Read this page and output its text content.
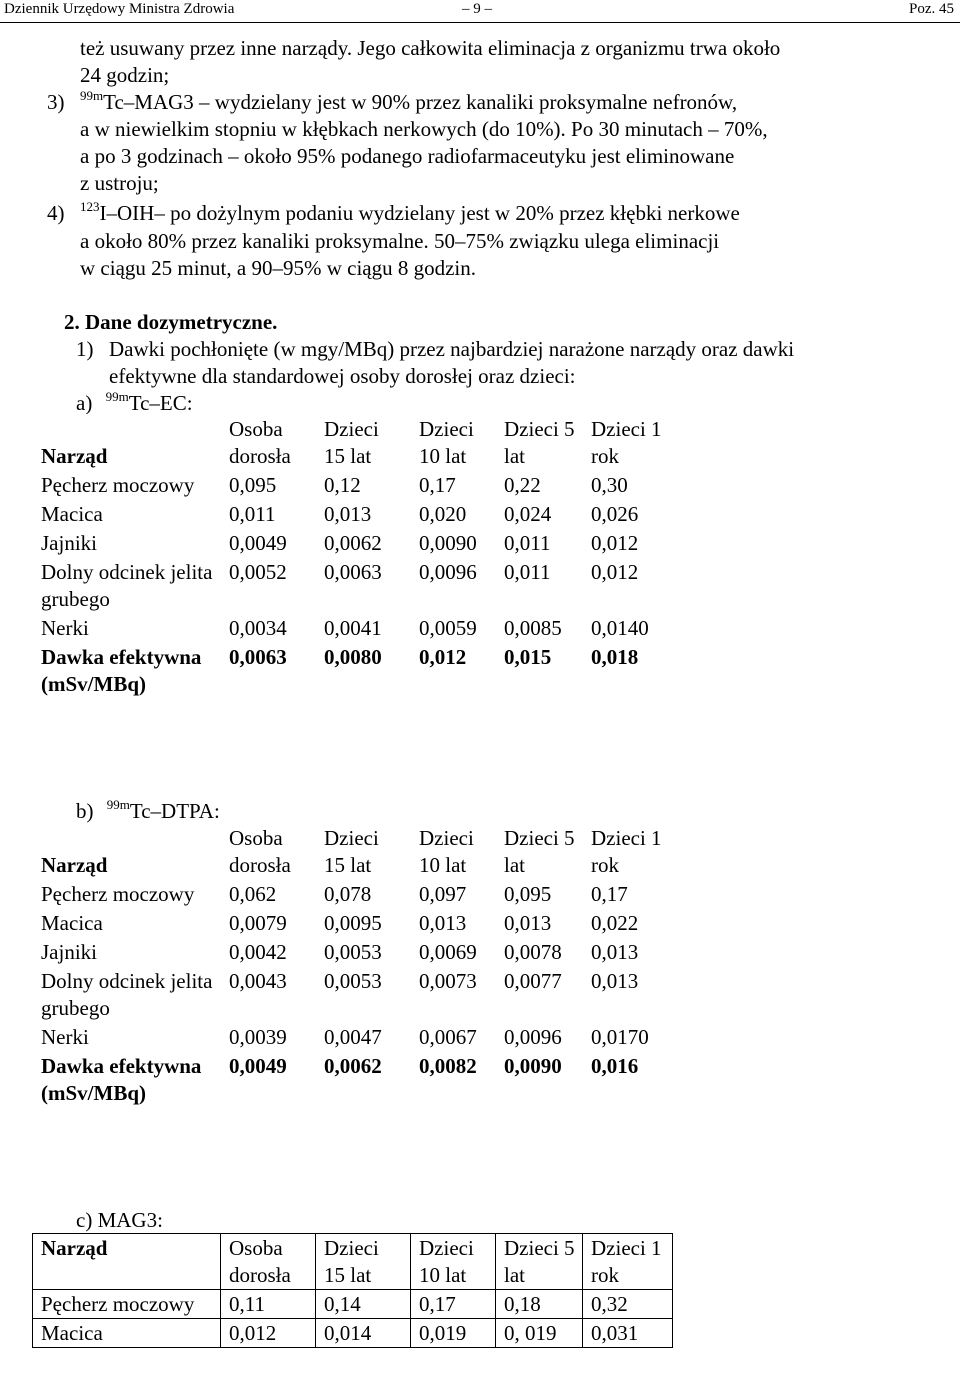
Dziennik Urzędowy Ministra Zdrowia	– 9 –	Poz. 45
też usuwany przez inne narządy. Jego całkowita eliminacja z organizmu trwa około
24 godzin;
3) $^{99m}$Tc–MAG3 – wydzielany jest w 90% przez kanaliki proksymalne nefronów,
a w niewielkim stopniu w kłębkach nerkowych (do 10%). Po 30 minutach – 70%,
a po 3 godzinach – około 95% podanego radiofarmaceutyku jest eliminowane
z ustroju;
4) $^{123}$I–OIH– po dożylnym podaniu wydzielany jest w 20% przez kłębki nerkowe
a około 80% przez kanaliki proksymalne. 50–75% związku ulega eliminacji
w ciągu 25 minut, a 90–95% w ciągu 8 godzin.
2. Dane dozymetryczne.
1) Dawki pochłonięte (w mgy/MBq) przez najbardziej narażone narządy oraz dawki
efektywne dla standardowej osoby dorosłej oraz dzieci:
a) $^{99m}$Tc–EC:
Narząd	Osoba dorosła	Dzieci 15 lat	Dzieci 10 lat	Dzieci 5 lat	Dzieci 1 rok
Pęcherz moczowy	0,095	0,12	0,17	0,22	0,30
Macica	0,011	0,013	0,020	0,024	0,026
Jajniki	0,0049	0,0062	0,0090	0,011	0,012
Dolny odcinek jelita grubego	0,0052	0,0063	0,0096	0,011	0,012
Nerki	0,0034	0,0041	0,0059	0,0085	0,0140
Dawka efektywna (mSv/MBq)	0,0063	0,0080	0,012	0,015	0,018
b) $^{99m}$Tc–DTPA:
Narząd	Osoba dorosła	Dzieci 15 lat	Dzieci 10 lat	Dzieci 5 lat	Dzieci 1 rok
Pęcherz moczowy	0,062	0,078	0,097	0,095	0,17
Macica	0,0079	0,0095	0,013	0,013	0,022
Jajniki	0,0042	0,0053	0,0069	0,0078	0,013
Dolny odcinek jelita grubego	0,0043	0,0053	0,0073	0,0077	0,013
Nerki	0,0039	0,0047	0,0067	0,0096	0,0170
Dawka efektywna (mSv/MBq)	0,0049	0,0062	0,0082	0,0090	0,016
c) MAG3:
Narząd	Osoba dorosła	Dzieci 15 lat	Dzieci 10 lat	Dzieci 5 lat	Dzieci 1 rok
Pęcherz moczowy	0,11	0,14	0,17	0,18	0,32
Macica	0,012	0,014	0,019	0, 019	0,031
